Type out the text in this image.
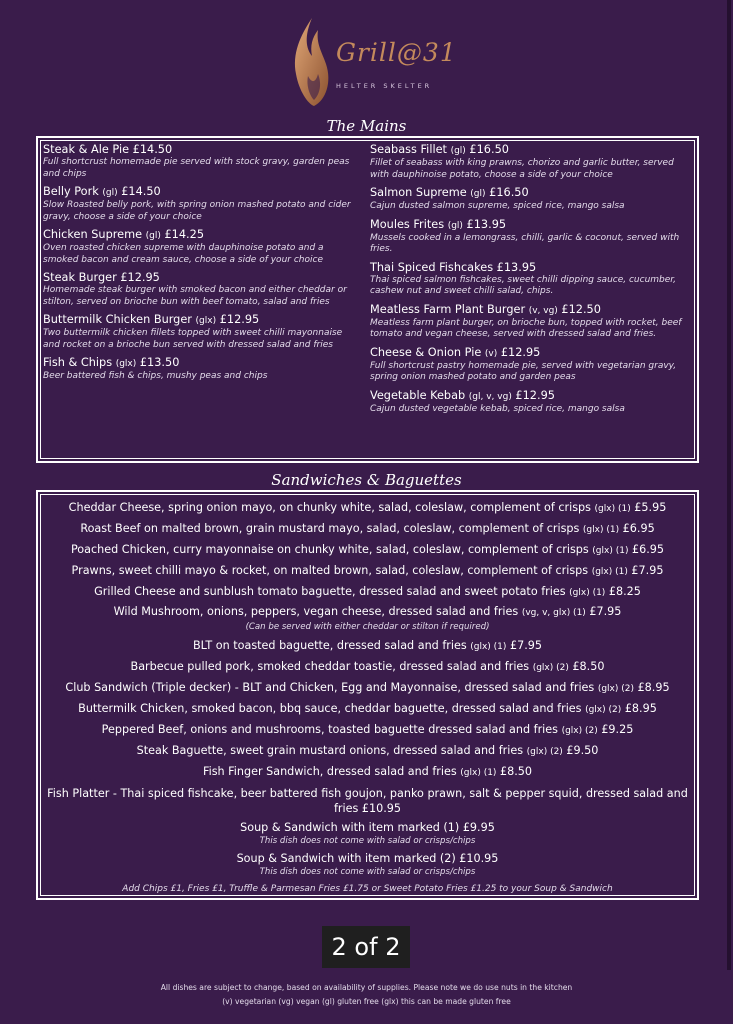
Grill@31
HELTER SKELTER
The Mains
Steak & Ale Pie £14.50
Full shortcrust homemade pie served with stock gravy, garden peas and chips
Belly Pork (gl) £14.50
Slow Roasted belly pork, with spring onion mashed potato and cider gravy, choose a side of your choice
Chicken Supreme (gl) £14.25
Oven roasted chicken supreme with dauphinoise potato and a smoked bacon and cream sauce, choose a side of your choice
Steak Burger £12.95
Homemade steak burger with smoked bacon and either cheddar or stilton, served on brioche bun with beef tomato, salad and fries
Buttermilk Chicken Burger (glx) £12.95
Two buttermilk chicken fillets topped with sweet chilli mayonnaise and rocket on a brioche bun served with dressed salad and fries
Fish & Chips (glx) £13.50
Beer battered fish & chips, mushy peas and chips
Seabass Fillet (gl) £16.50
Fillet of seabass with king prawns, chorizo and garlic butter, served with dauphinoise potato, choose a side of your choice
Salmon Supreme (gl) £16.50
Cajun dusted salmon supreme, spiced rice, mango salsa
Moules Frites (gl) £13.95
Mussels cooked in a lemongrass, chilli, garlic & coconut, served with fries.
Thai Spiced Fishcakes £13.95
Thai spiced salmon fishcakes, sweet chilli dipping sauce, cucumber, cashew nut and sweet chilli salad, chips.
Meatless Farm Plant Burger (v, vg) £12.50
Meatless farm plant burger, on brioche bun, topped with rocket, beef tomato and vegan cheese, served with dressed salad and fries.
Cheese & Onion Pie (v) £12.95
Full shortcrust pastry homemade pie, served with vegetarian gravy, spring onion mashed potato and garden peas
Vegetable Kebab (gl, v, vg) £12.95
Cajun dusted vegetable kebab, spiced rice, mango salsa
Sandwiches & Baguettes
Cheddar Cheese, spring onion mayo, on chunky white, salad, coleslaw, complement of crisps (glx) (1) £5.95
Roast Beef on malted brown, grain mustard mayo, salad, coleslaw, complement of crisps (glx) (1) £6.95
Poached Chicken, curry mayonnaise on chunky white, salad, coleslaw, complement of crisps (glx) (1) £6.95
Prawns, sweet chilli mayo & rocket, on malted brown, salad, coleslaw, complement of crisps (glx) (1) £7.95
Grilled Cheese and sunblush tomato baguette, dressed salad and sweet potato fries (glx) (1) £8.25
Wild Mushroom, onions, peppers, vegan cheese, dressed salad and fries (vg, v, glx) (1) £7.95
(Can be served with either cheddar or stilton if required)
BLT on toasted baguette, dressed salad and fries (glx) (1) £7.95
Barbecue pulled pork, smoked cheddar toastie, dressed salad and fries (glx) (2) £8.50
Club Sandwich (Triple decker) - BLT and Chicken, Egg and Mayonnaise, dressed salad and fries (glx) (2) £8.95
Buttermilk Chicken, smoked bacon, bbq sauce, cheddar baguette, dressed salad and fries (glx) (2) £8.95
Peppered Beef, onions and mushrooms, toasted baguette dressed salad and fries (glx) (2) £9.25
Steak Baguette, sweet grain mustard onions, dressed salad and fries (glx) (2) £9.50
Fish Finger Sandwich, dressed salad and fries (glx) (1) £8.50
Fish Platter - Thai spiced fishcake, beer battered fish goujon, panko prawn, salt & pepper squid, dressed salad and fries £10.95
Soup & Sandwich with item marked (1) £9.95
This dish does not come with salad or crisps/chips
Soup & Sandwich with item marked (2) £10.95
This dish does not come with salad or crisps/chips
Add Chips £1, Fries £1, Truffle & Parmesan Fries £1.75 or Sweet Potato Fries £1.25 to your Soup & Sandwich
2 of 2
All dishes are subject to change, based on availability of supplies. Please note we do use nuts in the kitchen
(v) vegetarian (vg) vegan (gl) gluten free (glx) this can be made gluten free
